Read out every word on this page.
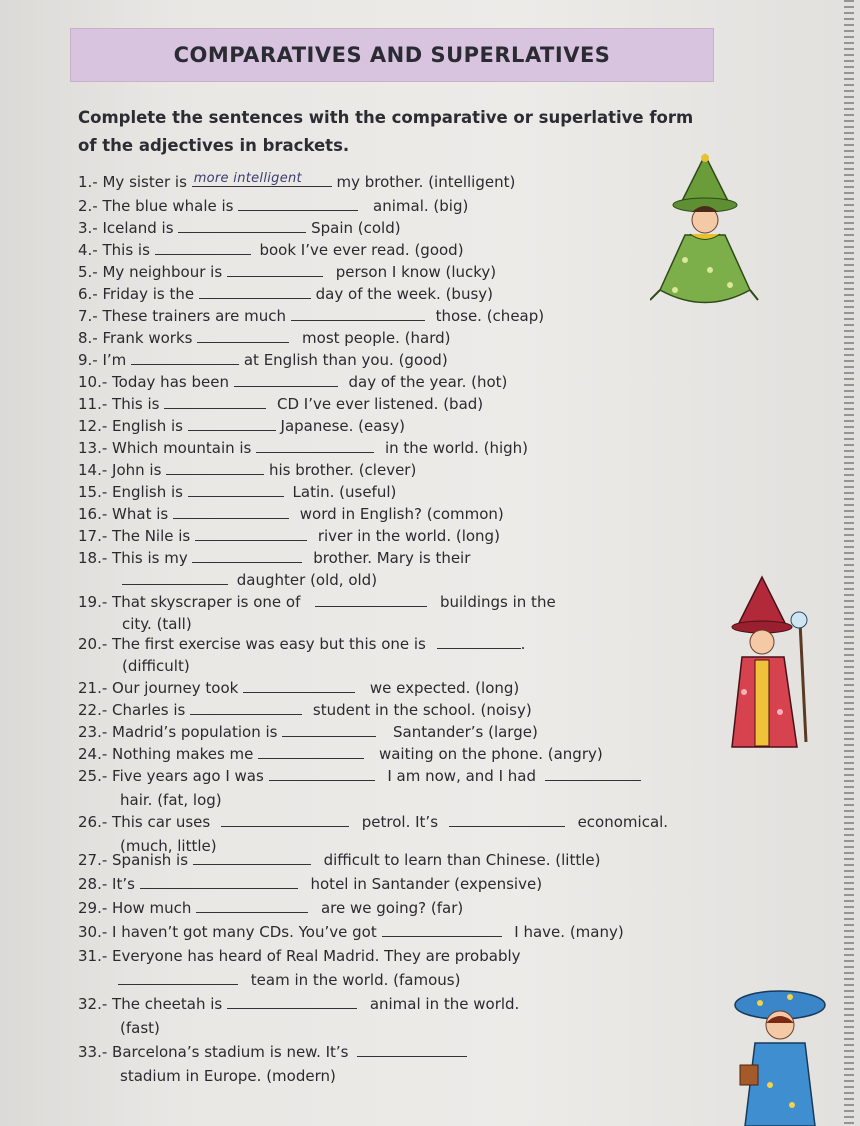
COMPARATIVES AND SUPERLATIVES
Complete the sentences with the comparative or superlative form of the adjectives in brackets.
1.- My sister is more intelligent my brother. (intelligent)
2.- The blue whale is	animal. (big)
3.- Iceland is	Spain (cold)
4.- This is	book I’ve ever read. (good)
5.- My neighbour is	person I know (lucky)
6.- Friday is the	day of the week. (busy)
7.- These trainers are much	those. (cheap)
8.- Frank works	most people. (hard)
9.- I’m	at English than you. (good)
10.- Today has been	day of the year. (hot)
11.- This is	CD I’ve ever listened. (bad)
12.- English is	Japanese. (easy)
13.- Which mountain is	in the world. (high)
14.- John is	his brother. (clever)
15.- English is	Latin. (useful)
16.- What is	word in English? (common)
17.- The Nile is	river in the world. (long)
18.- This is my	brother. Mary is their
daughter (old, old)
19.- That skyscraper is one of	buildings in the
city. (tall)
20.- The first exercise was easy but this one is	.
(difficult)
21.- Our journey took	we expected. (long)
22.- Charles is	student in the school. (noisy)
23.- Madrid’s population is	Santander’s (large)
24.- Nothing makes me	waiting on the phone. (angry)
25.- Five years ago I was	I am now, and I had
hair. (fat, log)
26.- This car uses	petrol. It’s	economical.
(much, little)
27.- Spanish is	difficult to learn than Chinese. (little)
28.- It’s	hotel in Santander (expensive)
29.- How much	are we going? (far)
30.- I haven’t got many CDs. You’ve got	I have. (many)
31.- Everyone has heard of Real Madrid. They are probably
team in the world. (famous)
32.- The cheetah is	animal in the world.
(fast)
33.- Barcelona’s stadium is new. It’s
stadium in Europe. (modern)
